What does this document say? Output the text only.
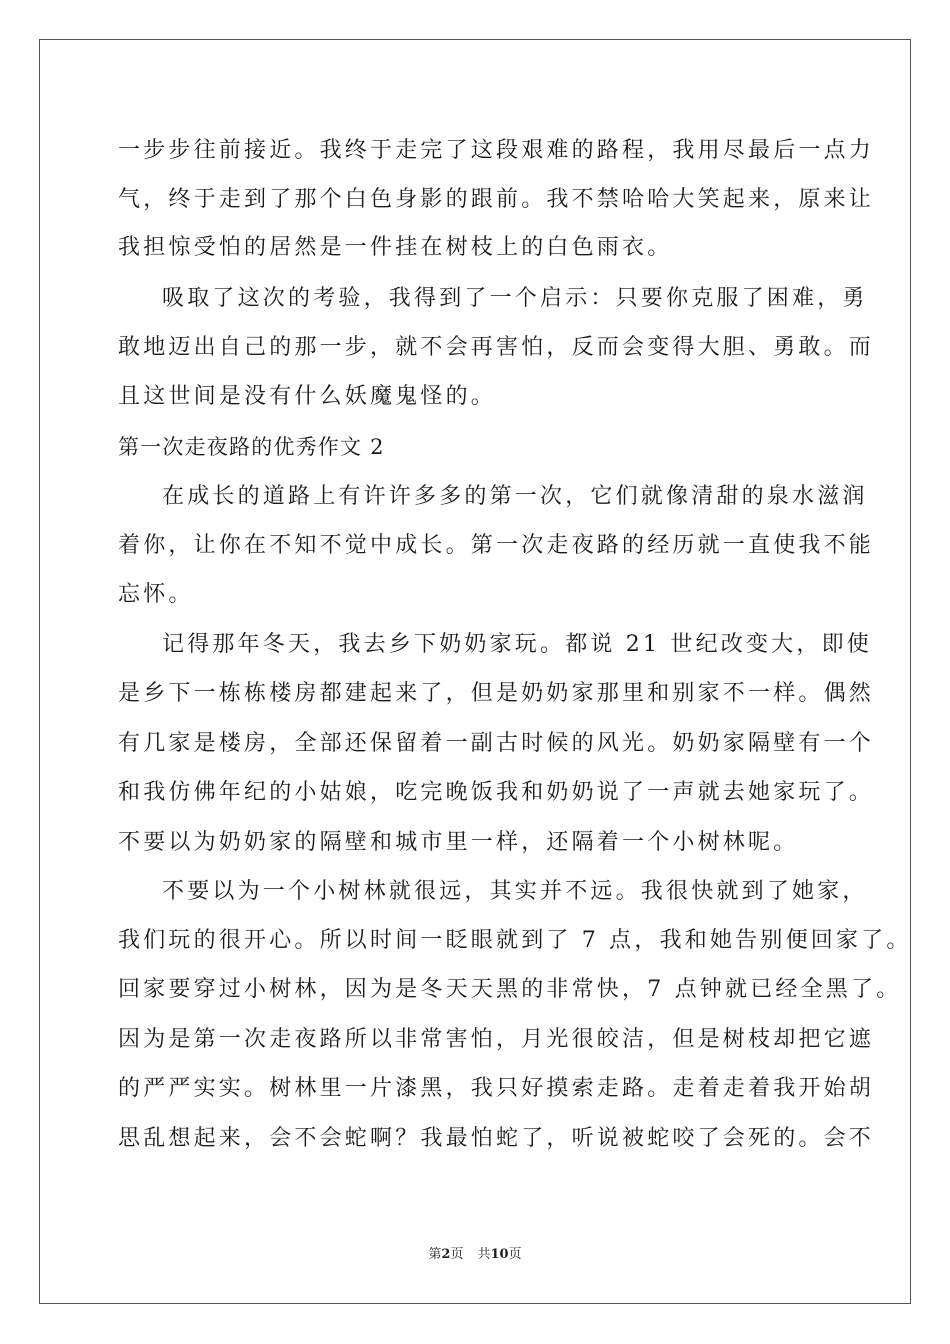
一步步往前接近。我终于走完了这段艰难的路程，我用尽最后一点力
气，终于走到了那个白色身影的跟前。我不禁哈哈大笑起来，原来让
我担惊受怕的居然是一件挂在树枝上的白色雨衣。
吸取了这次的考验，我得到了一个启示：只要你克服了困难，勇
敢地迈出自己的那一步，就不会再害怕，反而会变得大胆、勇敢。而
且这世间是没有什么妖魔鬼怪的。
第一次走夜路的优秀作文 2
在成长的道路上有许许多多的第一次，它们就像清甜的泉水滋润
着你，让你在不知不觉中成长。第一次走夜路的经历就一直使我不能
忘怀。
记得那年冬天，我去乡下奶奶家玩。都说 21 世纪改变大，即使
是乡下一栋栋楼房都建起来了，但是奶奶家那里和别家不一样。偶然
有几家是楼房，全部还保留着一副古时候的风光。奶奶家隔壁有一个
和我仿佛年纪的小姑娘，吃完晚饭我和奶奶说了一声就去她家玩了。
不要以为奶奶家的隔壁和城市里一样，还隔着一个小树林呢。
不要以为一个小树林就很远，其实并不远。我很快就到了她家，
我们玩的很开心。所以时间一眨眼就到了 7 点，我和她告别便回家了。
回家要穿过小树林，因为是冬天天黑的非常快，7 点钟就已经全黑了。
因为是第一次走夜路所以非常害怕，月光很皎洁，但是树枝却把它遮
的严严实实。树林里一片漆黑，我只好摸索走路。走着走着我开始胡
思乱想起来，会不会蛇啊？我最怕蛇了，听说被蛇咬了会死的。会不
第2页 共10页
